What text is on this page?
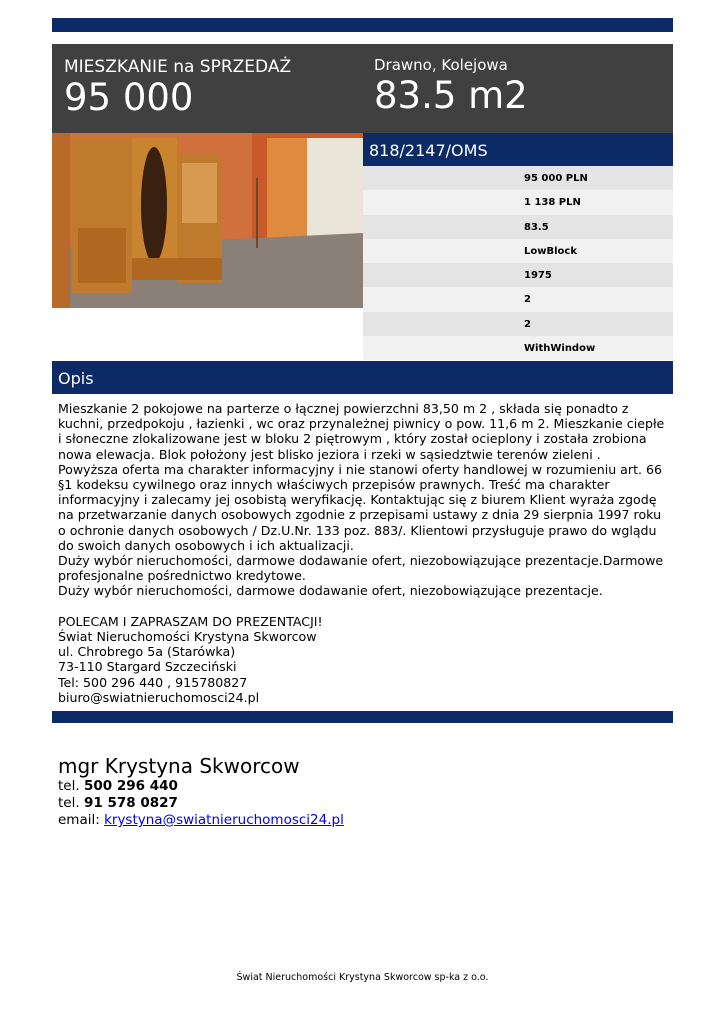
MIESZKANIE na SPRZEDAŻ
95 000
Drawno, Kolejowa
83.5 m2
818/2147/OMS
95 000 PLN
1 138 PLN
83.5
LowBlock
1975
2
2
WithWindow
Opis
Mieszkanie 2 pokojowe na parterze o łącznej powierzchni 83,50 m 2 , składa się ponadto z kuchni, przedpokoju , łazienki , wc oraz przynależnej piwnicy o pow. 11,6 m 2. Mieszkanie ciepłe i słoneczne zlokalizowane jest w bloku 2 piętrowym , który został ocieplony i została zrobiona nowa elewacja. Blok położony jest blisko jeziora i rzeki w sąsiedztwie terenów zieleni .
Powyższa oferta ma charakter informacyjny i nie stanowi oferty handlowej w rozumieniu art. 66 §1 kodeksu cywilnego oraz innych właściwych przepisów prawnych. Treść ma charakter informacyjny i zalecamy jej osobistą weryfikację. Kontaktując się z biurem Klient wyraża zgodę na przetwarzanie danych osobowych zgodnie z przepisami ustawy z dnia 29 sierpnia 1997 roku o ochronie danych osobowych / Dz.U.Nr. 133 poz. 883/. Klientowi przysługuje prawo do wglądu do swoich danych osobowych i ich aktualizacji.
Duży wybór nieruchomości, darmowe dodawanie ofert, niezobowiązujące prezentacje.Darmowe profesjonalne pośrednictwo kredytowe.
Duży wybór nieruchomości, darmowe dodawanie ofert, niezobowiązujące prezentacje.

POLECAM I ZAPRASZAM DO PREZENTACJI!
Świat Nieruchomości Krystyna Skworcow
ul. Chrobrego 5a (Starówka)
73-110 Stargard Szczeciński
Tel: 500 296 440 , 915780827
biuro@swiatnieruchomosci24.pl
mgr Krystyna Skworcow
tel. 500 296 440
tel. 91 578 0827
email: krystyna@swiatnieruchomosci24.pl
Świat Nieruchomości Krystyna Skworcow sp-ka z o.o.
